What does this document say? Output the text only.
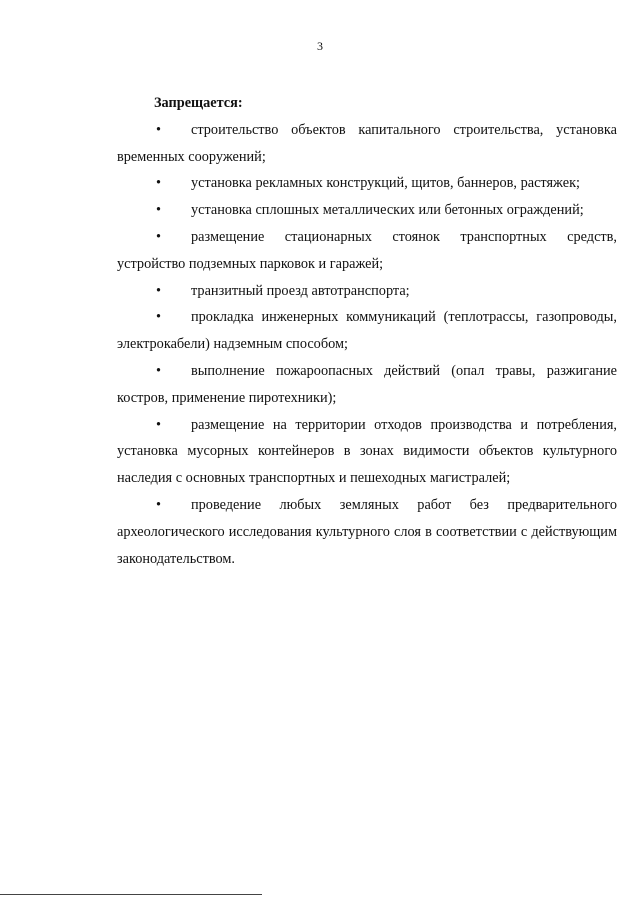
3

Запрещается:

• строительство объектов капитального строительства, установка временных сооружений;

• установка рекламных конструкций, щитов, баннеров, растяжек;

• установка сплошных металлических или бетонных ограждений;

• размещение стационарных стоянок транспортных средств, устройство подземных парковок и гаражей;

• транзитный проезд автотранспорта;

• прокладка инженерных коммуникаций (теплотрассы, газопроводы, электрокабели) надземным способом;

• выполнение пожароопасных действий (опал травы, разжигание костров, применение пиротехники);

• размещение на территории отходов производства и потребления, установка мусорных контейнеров в зонах видимости объектов культурного наследия с основных транспортных и пешеходных магистралей;

• проведение любых земляных работ без предварительного археологического исследования культурного слоя в соответствии с действующим законодательством.
